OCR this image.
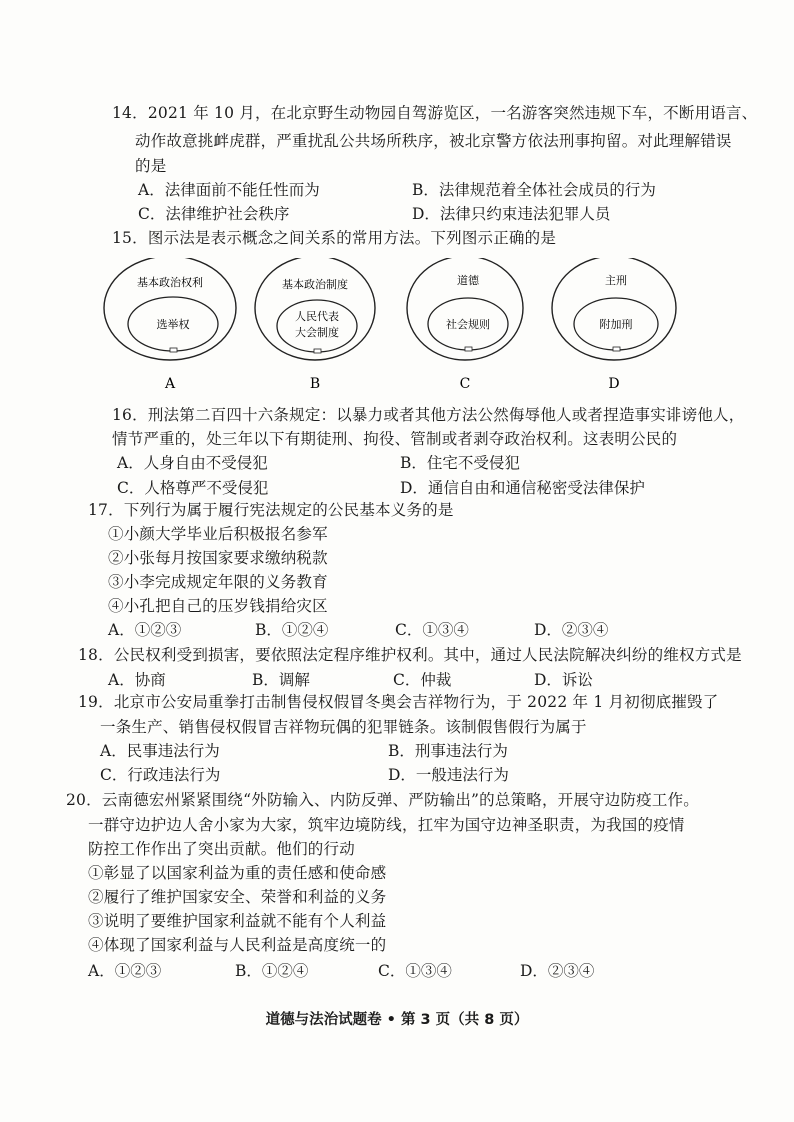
14．2021 年 10 月，在北京野生动物园自驾游览区，一名游客突然违规下车，不断用语言、
动作故意挑衅虎群，严重扰乱公共场所秩序，被北京警方依法刑事拘留。对此理解错误
的是
A．法律面前不能任性而为	B．法律规范着全体社会成员的行为
C．法律维护社会秩序	D．法律只约束违法犯罪人员
15．图示法是表示概念之间关系的常用方法。下列图示正确的是
基本政治权利
选举权
A
基本政治制度
人民代表
大会制度
B
道德
社会规则
C
主刑
附加刑
D
16．刑法第二百四十六条规定：以暴力或者其他方法公然侮辱他人或者捏造事实诽谤他人，
情节严重的，处三年以下有期徒刑、拘役、管制或者剥夺政治权利。这表明公民的
A．人身自由不受侵犯	B．住宅不受侵犯
C．人格尊严不受侵犯	D．通信自由和通信秘密受法律保护
17．下列行为属于履行宪法规定的公民基本义务的是
①小颜大学毕业后积极报名参军
②小张每月按国家要求缴纳税款
③小李完成规定年限的义务教育
④小孔把自己的压岁钱捐给灾区
A．①②③	B．①②④	C．①③④	D．②③④
18．公民权利受到损害，要依照法定程序维护权利。其中，通过人民法院解决纠纷的维权方式是
A．协商	B．调解	C．仲裁	D．诉讼
19．北京市公安局重拳打击制售侵权假冒冬奥会吉祥物行为，于 2022 年 1 月初彻底摧毁了
一条生产、销售侵权假冒吉祥物玩偶的犯罪链条。该制假售假行为属于
A．民事违法行为	B．刑事违法行为
C．行政违法行为	D．一般违法行为
20．云南德宏州紧紧围绕“外防输入、内防反弹、严防输出”的总策略，开展守边防疫工作。
一群守边护边人舍小家为大家，筑牢边境防线，扛牢为国守边神圣职责，为我国的疫情
防控工作作出了突出贡献。他们的行动
①彰显了以国家利益为重的责任感和使命感
②履行了维护国家安全、荣誉和利益的义务
③说明了要维护国家利益就不能有个人利益
④体现了国家利益与人民利益是高度统一的
A．①②③	B．①②④	C．①③④	D．②③④
道德与法治试题卷 • 第 3 页（共 8 页）
